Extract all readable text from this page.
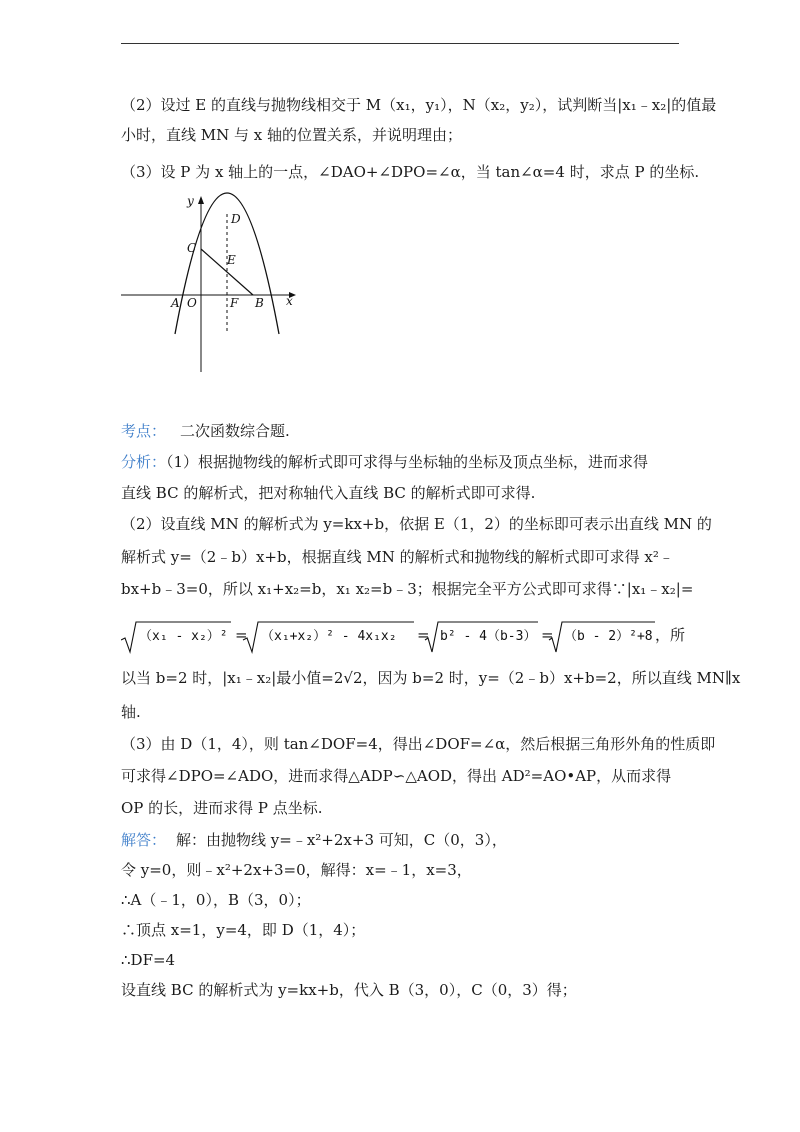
（2）设过 E 的直线与抛物线相交于 M（x₁，y₁），N（x₂，y₂），试判断当|x₁﹣x₂|的值最
小时，直线 MN 与 x 轴的位置关系，并说明理由；
（3）设 P 为 x 轴上的一点，∠DAO+∠DPO=∠α，当 tan∠α=4 时，求点 P 的坐标.
y
D
C
E
A O	F B x
考点： 二次函数综合题.
分析：（1）根据抛物线的解析式即可求得与坐标轴的坐标及顶点坐标，进而求得
直线 BC 的解析式，把对称轴代入直线 BC 的解析式即可求得.
（2）设直线 MN 的解析式为 y=kx+b，依据 E（1，2）的坐标即可表示出直线 MN 的
解析式 y=（2﹣b）x+b，根据直线 MN 的解析式和抛物线的解析式即可求得 x²﹣
bx+b﹣3=0，所以 x₁+x₂=b，x₁ x₂=b﹣3；根据完全平方公式即可求得∵|x₁﹣x₂|=
（x₁ - x₂）² = （x₁+x₂）² - 4x₁x₂ = b² - 4（b-3） = （b - 2）²+8 ，所
以当 b=2 时，|x₁﹣x₂|最小值=2√2，因为 b=2 时，y=（2﹣b）x+b=2，所以直线 MN∥x
轴.
（3）由 D（1，4），则 tan∠DOF=4，得出∠DOF=∠α，然后根据三角形外角的性质即
可求得∠DPO=∠ADO，进而求得△ADP∽△AOD，得出 AD²=AO•AP，从而求得
OP 的长，进而求得 P 点坐标.
解答： 解：由抛物线 y=﹣x²+2x+3 可知，C（0，3），
令 y=0，则﹣x²+2x+3=0，解得：x=﹣1，x=3，
∴A（﹣1，0），B（3，0）；
∴顶点 x=1，y=4，即 D（1，4）；
∴DF=4
设直线 BC 的解析式为 y=kx+b，代入 B（3，0），C（0，3）得；
